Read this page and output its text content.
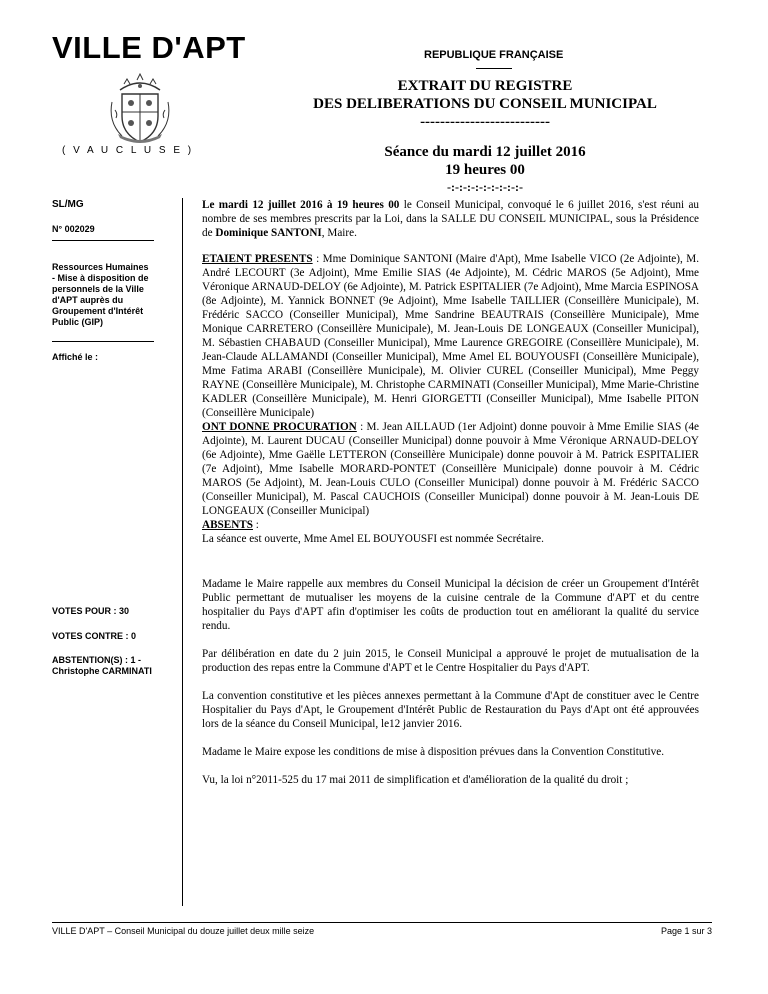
VILLE D'APT
( V A U C L U S E )
REPUBLIQUE FRANÇAISE
EXTRAIT DU REGISTRE
DES DELIBERATIONS DU CONSEIL MUNICIPAL
--------------------------
Séance du mardi 12 juillet 2016
19 heures 00
-:-:-:-:-:-:-:-:-:-
SL/MG
N° 002029
Ressources Humaines - Mise à disposition de personnels de la Ville d'APT auprès du Groupement d'Intérêt Public (GIP)
Affiché le :
VOTES POUR : 30
VOTES CONTRE : 0
ABSTENTION(S) : 1 - Christophe CARMINATI

Le mardi 12 juillet 2016 à 19 heures 00 le Conseil Municipal, convoqué le 6 juillet 2016, s'est réuni au nombre de ses membres prescrits par la Loi, dans la SALLE DU CONSEIL MUNICIPAL, sous la Présidence de Dominique SANTONI, Maire.

ETAIENT PRESENTS : Mme Dominique SANTONI (Maire d'Apt), Mme Isabelle VICO (2e Adjointe), M. André LECOURT (3e Adjoint), Mme Emilie SIAS (4e Adjointe), M. Cédric MAROS (5e Adjoint), Mme Véronique ARNAUD-DELOY (6e Adjointe), M. Patrick ESPITALIER (7e Adjoint), Mme Marcia ESPINOSA (8e Adjointe), M. Yannick BONNET (9e Adjoint), Mme Isabelle TAILLIER (Conseillère Municipale), M. Frédéric SACCO (Conseiller Municipal), Mme Sandrine BEAUTRAIS (Conseillère Municipale), Mme Monique CARRETERO (Conseillère Municipale), M. Jean-Louis DE LONGEAUX (Conseiller Municipal), M. Sébastien CHABAUD (Conseiller Municipal), Mme Laurence GREGOIRE (Conseillère Municipale), M. Jean-Claude ALLAMANDI (Conseiller Municipal), Mme Amel EL BOUYOUSFI (Conseillère Municipale), Mme Fatima ARABI (Conseillère Municipale), M. Olivier CUREL (Conseiller Municipal), Mme Peggy RAYNE (Conseillère Municipale), M. Christophe CARMINATI (Conseiller Municipal), Mme Marie-Christine KADLER (Conseillère Municipale), M. Henri GIORGETTI (Conseiller Municipal), Mme Isabelle PITON (Conseillère Municipale)

ONT DONNE PROCURATION : M. Jean AILLAUD (1er Adjoint) donne pouvoir à Mme Emilie SIAS (4e Adjointe), M. Laurent DUCAU (Conseiller Municipal) donne pouvoir à Mme Véronique ARNAUD-DELOY (6e Adjointe), Mme Gaëlle LETTERON (Conseillère Municipale) donne pouvoir à M. Patrick ESPITALIER (7e Adjoint), Mme Isabelle MORARD-PONTET (Conseillère Municipale) donne pouvoir à M. Cédric MAROS (5e Adjoint), M. Jean-Louis CULO (Conseiller Municipal) donne pouvoir à M. Frédéric SACCO (Conseiller Municipal), M. Pascal CAUCHOIS (Conseiller Municipal) donne pouvoir à M. Jean-Louis DE LONGEAUX (Conseiller Municipal)

ABSENTS :

La séance est ouverte, Mme Amel EL BOUYOUSFI est nommée Secrétaire.

Madame le Maire rappelle aux membres du Conseil Municipal la décision de créer un Groupement d'Intérêt Public permettant de mutualiser les moyens de la cuisine centrale de la Commune d'APT et du centre hospitalier du Pays d'APT afin d'optimiser les coûts de production tout en améliorant la qualité du service rendu.

Par délibération en date du 2 juin 2015, le Conseil Municipal a approuvé le projet de mutualisation de la production des repas entre la Commune d'APT et le Centre Hospitalier du Pays d'APT.

La convention constitutive et les pièces annexes permettant à la Commune d'Apt de constituer avec le Centre Hospitalier du Pays d'Apt, le Groupement d'Intérêt Public de Restauration du Pays d'Apt ont été approuvées lors de la séance du Conseil Municipal, le12 janvier 2016.

Madame le Maire expose les conditions de mise à disposition prévues dans la Convention Constitutive.

Vu, la loi n°2011-525 du 17 mai 2011 de simplification et d'amélioration de la qualité du droit ;

VILLE D'APT – Conseil Municipal du douze juillet deux mille seize	Page 1 sur 3
